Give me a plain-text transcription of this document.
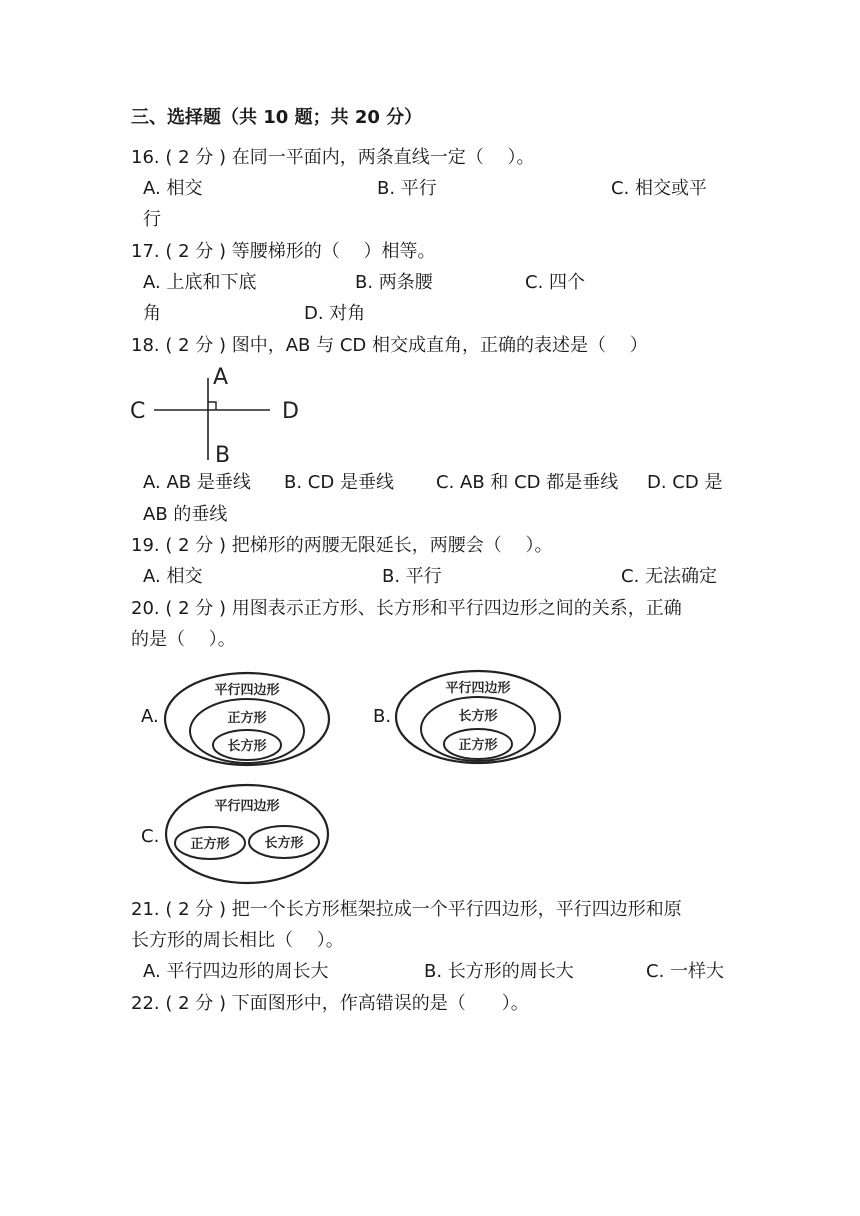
三、选择题（共 10 题；共 20 分）
16. ( 2 分 ) 在同一平面内，两条直线一定（　 ）。
A. 相交	B. 平行	C. 相交或平
行
17. ( 2 分 ) 等腰梯形的（　 ）相等。
A. 上底和下底	B. 两条腰	C. 四个
角	D. 对角
18. ( 2 分 ) 图中，AB 与 CD 相交成直角，正确的表述是（　 ）
A
B
C	D
A. AB 是垂线 B. CD 是垂线 C. AB 和 CD 都是垂线 D. CD 是
AB 的垂线
19. ( 2 分 ) 把梯形的两腰无限延长，两腰会（　 ）。
A. 相交	B. 平行	C. 无法确定
20. ( 2 分 ) 用图表示正方形、长方形和平行四边形之间的关系，正确
的是（　 ）。
A.
平行四边形
正方形
长方形
B.
平行四边形
长方形
正方形
C.
平行四边形
正方形	长方形
21. ( 2 分 ) 把一个长方形框架拉成一个平行四边形，平行四边形和原
长方形的周长相比（　 ）。
A. 平行四边形的周长大	B. 长方形的周长大	C. 一样大
22. ( 2 分 ) 下面图形中，作高错误的是（　　）。
